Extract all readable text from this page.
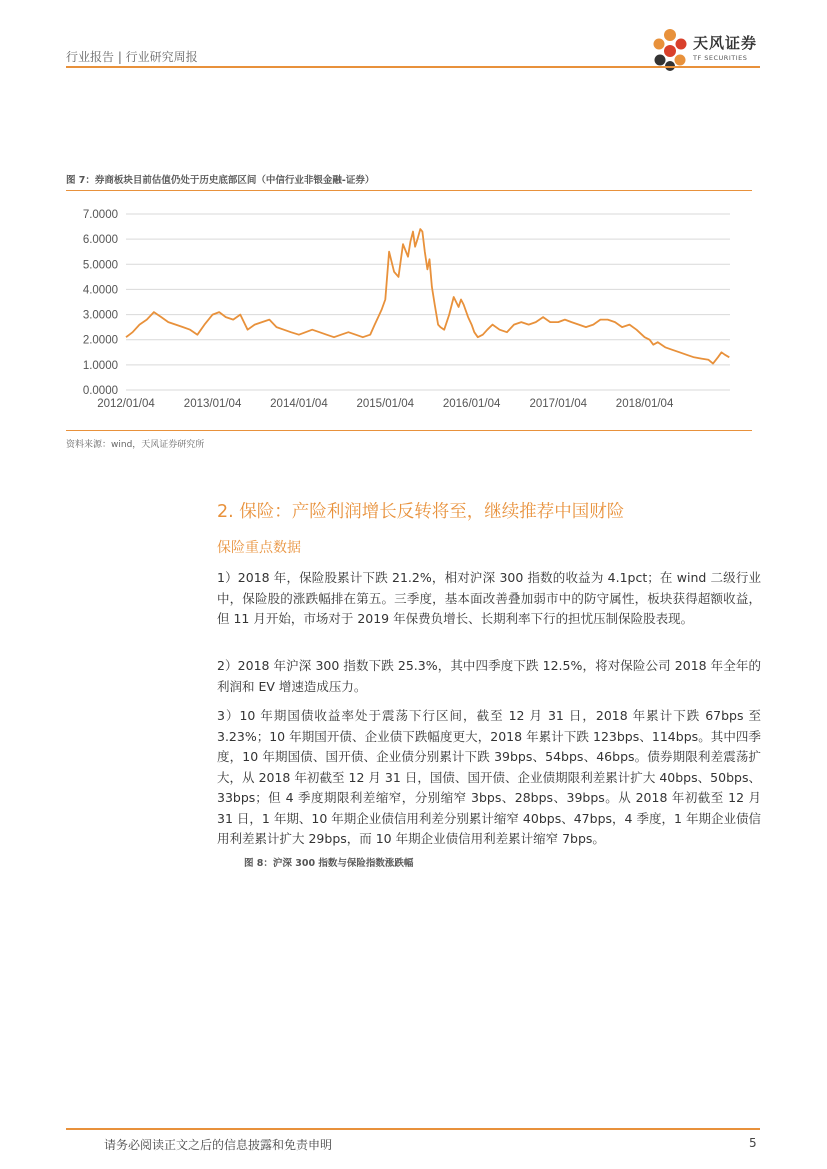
行业报告 | 行业研究周报
天风证券
TF SECURITIES
图 7：券商板块目前估值仍处于历史底部区间（中信行业非银金融-证券）
7.0000
6.0000
5.0000
4.0000
3.0000
2.0000
1.0000
0.0000
2012/01/04	2013/01/04	2014/01/04	2015/01/04	2016/01/04	2017/01/04	2018/01/04
资料来源：wind，天风证券研究所
2. 保险：产险利润增长反转将至，继续推荐中国财险
保险重点数据
1）2018 年，保险股累计下跌 21.2%，相对沪深 300 指数的收益为 4.1pct；在 wind 二级行业中，保险股的涨跌幅排在第五。三季度，基本面改善叠加弱市中的防守属性，板块获得超额收益，但 11 月开始，市场对于 2019 年保费负增长、长期利率下行的担忧压制保险股表现。
2）2018 年沪深 300 指数下跌 25.3%，其中四季度下跌 12.5%，将对保险公司 2018 年全年的利润和 EV 增速造成压力。
3）10 年期国债收益率处于震荡下行区间，截至 12 月 31 日，2018 年累计下跌 67bps 至 3.23%；10 年期国开债、企业债下跌幅度更大，2018 年累计下跌 123bps、114bps。其中四季度，10 年期国债、国开债、企业债分别累计下跌 39bps、54bps、46bps。债券期限利差震荡扩大，从 2018 年初截至 12 月 31 日，国债、国开债、企业债期限利差累计扩大 40bps、50bps、33bps；但 4 季度期限利差缩窄，分别缩窄 3bps、28bps、39bps。从 2018 年初截至 12 月 31 日，1 年期、10 年期企业债信用利差分别累计缩窄 40bps、47bps，4 季度，1 年期企业债信用利差累计扩大 29bps，而 10 年期企业债信用利差累计缩窄 7bps。
图 8：沪深 300 指数与保险指数涨跌幅
请务必阅读正文之后的信息披露和免责申明	5
